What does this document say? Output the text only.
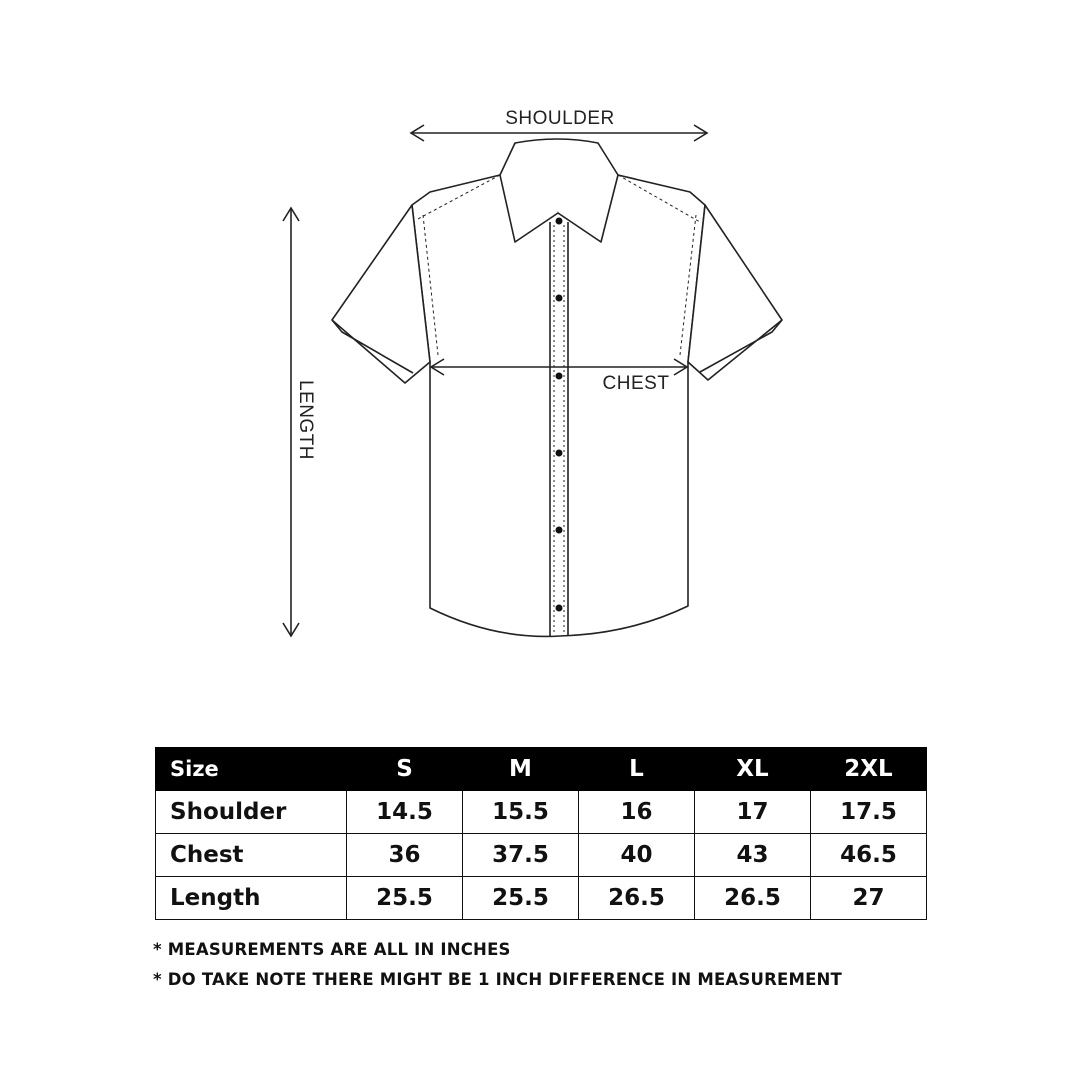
SHOULDER
LENGTH	CHEST
Size	S	M	L	XL	2XL
Shoulder	14.5	15.5	16	17	17.5
Chest	36	37.5	40	43	46.5
Length	25.5	25.5	26.5	26.5	27

* MEASUREMENTS ARE ALL IN INCHES

* DO TAKE NOTE THERE MIGHT BE 1 INCH DIFFERENCE IN MEASUREMENT
